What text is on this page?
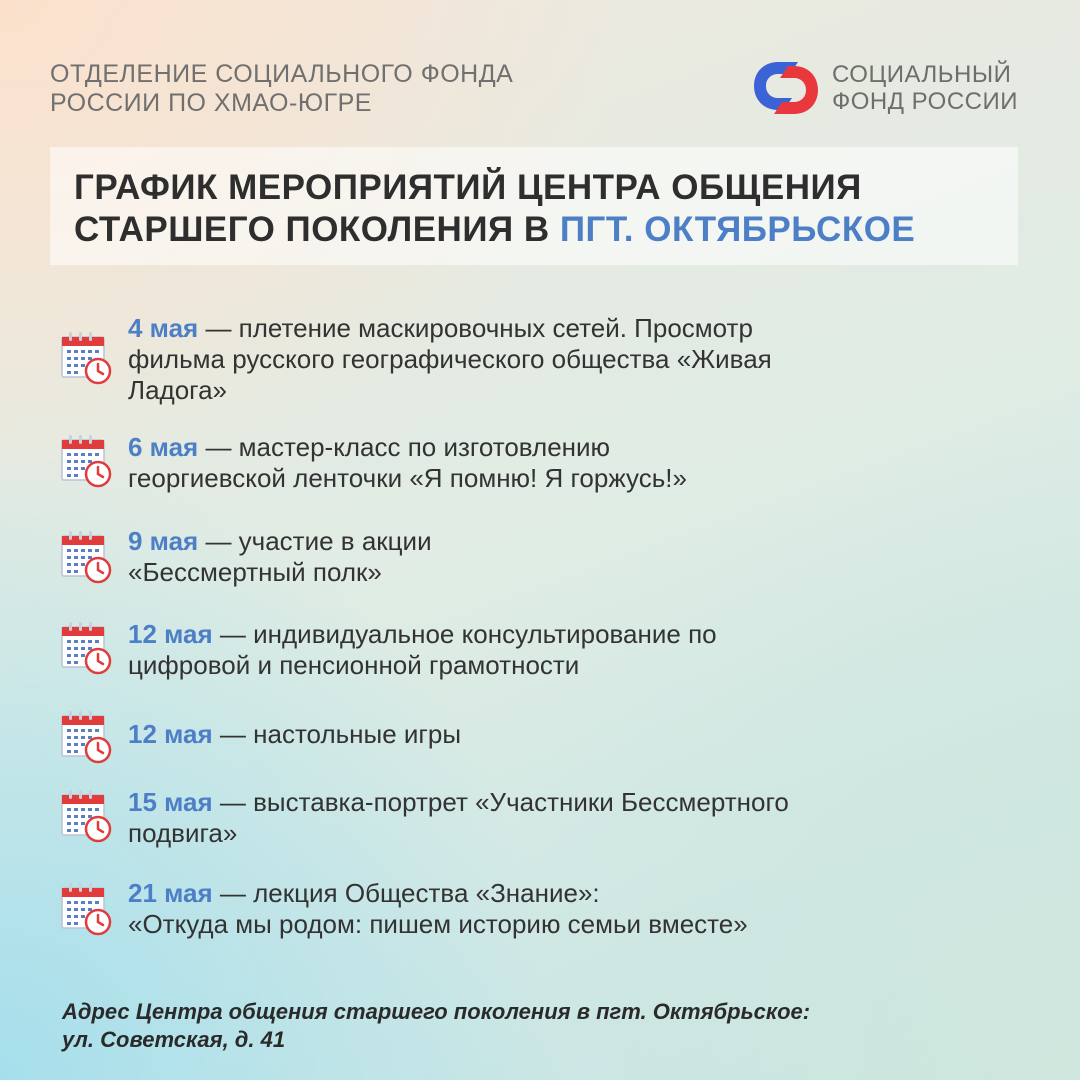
ОТДЕЛЕНИЕ СОЦИАЛЬНОГО ФОНДА
РОССИИ ПО ХМАО-ЮГРЕ
СОЦИАЛЬНЫЙ
ФОНД РОССИИ
ГРАФИК МЕРОПРИЯТИЙ ЦЕНТРА ОБЩЕНИЯ
СТАРШЕГО ПОКОЛЕНИЯ В ПГТ. ОКТЯБРЬСКОЕ
4 мая — плетение маскировочных сетей. Просмотр
фильма русского географического общества «Живая
Ладога»
6 мая — мастер-класс по изготовлению
георгиевской ленточки «Я помню! Я горжусь!»
9 мая — участие в акции
«Бессмертный полк»
12 мая — индивидуальное консультирование по
цифровой и пенсионной грамотности
12 мая — настольные игры
15 мая — выставка-портрет «Участники Бессмертного
подвига»
21 мая — лекция Общества «Знание»:
«Откуда мы родом: пишем историю семьи вместе»
Адрес Центра общения старшего поколения в пгт. Октябрьское:
ул. Советская, д. 41
